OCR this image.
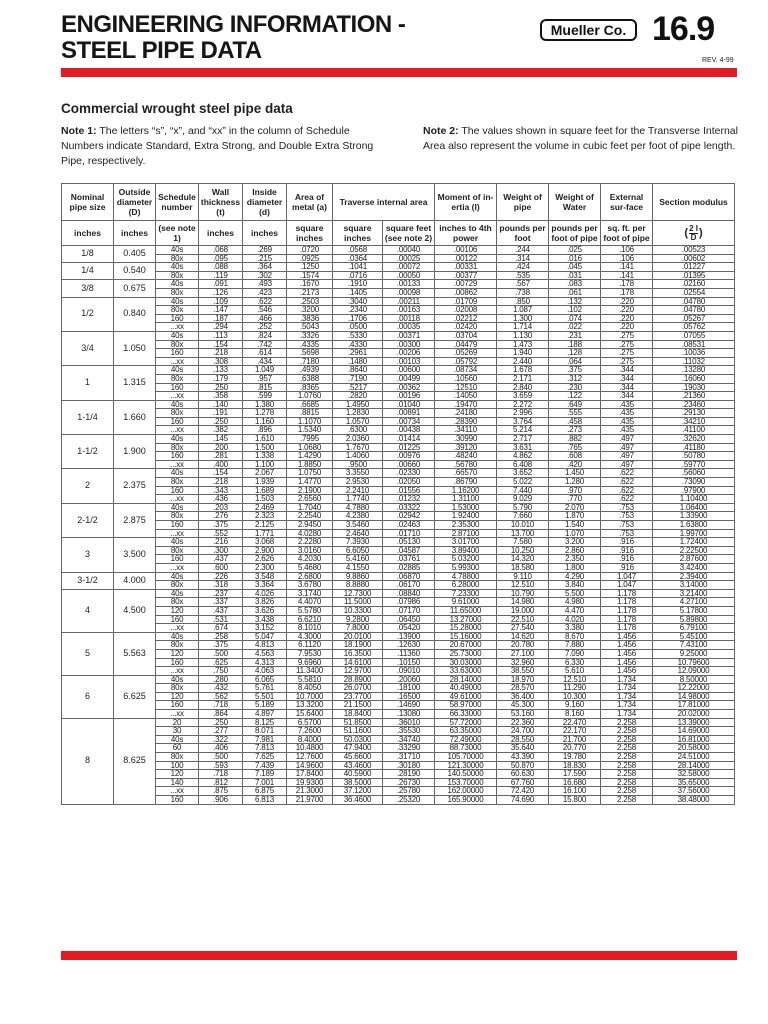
ENGINEERING INFORMATION -
STEEL PIPE DATA
Mueller Co. 16.9
REV. 4-99
Commercial wrought steel pipe data
Note 1: The letters “s”, “x”, and “xx” in the column of Schedule Numbers indicate Standard, Extra Strong, and Double Extra Strong Pipe, respectively.
Note 2: The values shown in square feet for the Transverse Internal Area also represent the volume in cubic feet per foot of pipe length.
Nominal pipe size	Outside diameter (D)	Schedule number	Wall thickness (t)	Inside diameter (d)	Area of metal (a)	Traverse internal area		Moment of in-ertia (I)	Weight of pipe	Weight of Water	External sur-face	Section modulus
inches	inches	(see note 1)	inches	inches	square inches	square inches	square feet (see note 2)	inches to 4th power	pounds per foot	pounds per foot of pipe	sq. ft. per foot of pipe	( $\frac{2 I}{D}$ )
1/8	0.405	40s	.068	.269	.0720	.0568	.00040	.00106	.244	.025	.106	.00523
		80x	.095	.215	.0925	.0364	.00025	.00122	.314	.016	.106	.00602
1/4	0.540	40s	.088	.364	.1250	.1041	.00072	.00331	.424	.045	.141	.01227
		80x	.119	.302	.1574	.0716	.00050	.00377	.535	.031	.141	.01395
3/8	0.675	40s	.091	.493	.1670	.1910	.00133	.00729	.567	.083	.178	.02160
		80x	.126	.423	.2173	.1405	.00098	.00862	.738	.061	.178	.02554
1/2	0.840	40s	.109	.622	.2503	.3040	.00211	.01709	.850	.132	.220	.04780
		80x	.147	.546	.3200	.2340	.00163	.02008	1.087	.102	.220	.04780
		160	.187	.466	.3836	.1706	.00118	.02212	1.300	.074	.220	.05267
		...xx	.294	.252	.5043	.0500	.00035	.02420	1.714	.022	.220	.05762
3/4	1.050	40s	.113	.824	.3326	.5330	.00371	.03704	1.130	.231	.275	.07055
		80x	.154	.742	.4335	.4330	.00300	.04479	1.473	.188	.275	.08531
		160	.218	.614	.5698	.2961	.00206	.05269	1.940	.128	.275	.10036
		...xx	.308	.434	.7180	.1480	.00103	.05792	2.440	.064	.275	.11032
1	1.315	40s	.133	1.049	.4939	.8640	.00600	.08734	1.678	.375	.344	.13280
		80x	.179	.957	.6388	.7190	.00499	.10560	2.171	.312	.344	.16060
		160	.250	.815	.8365	.5217	.00362	.12510	2.840	.230	.344	.19030
		...xx	.358	.599	1.0760	.2820	.00196	.14050	3.659	.122	.344	.21360
1-1/4	1.660	40s	.140	1.380	.6685	1.4950	.01040	.19470	2.272	.649	.435	.23460
		80x	.191	1.278	.8815	1.2830	.00891	.24180	2.996	.555	.435	.29130
		160	.250	1.160	1.1070	1.0570	.00734	.28390	3.764	.458	.435	.34210
		...xx	.382	.896	1.5340	.6300	.00438	.34110	5.214	.273	.435	.41100
1-1/2	1.900	40s	.145	1.610	.7995	2.0360	.01414	.30990	2.717	.882	.497	.32620
		80x	.200	1.500	1.0680	1.7670	.01225	.39120	3.631	.765	.497	.41180
		160	.281	1.338	1.4290	1.4060	.00976	.48240	4.862	.608	.497	.50780
		...xx	.400	1.100	1.8850	.9500	.00660	.56780	6.408	.420	.497	.59770
2	2.375	40s	.154	2.067	1.0750	3.3550	.02330	.66570	3.652	1.450	.622	.56060
		80x	.218	1.939	1.4770	2.9530	.02050	.86790	5.022	1.280	.622	.73090
		160	.343	1.689	2.1900	2.2410	.01556	1.16200	7.440	.970	.622	.97900
		...xx	.436	1.503	2.6560	1.7740	.01232	1.31100	9.029	.770	.622	1.10400
2-1/2	2.875	40s	.203	2.469	1.7040	4.7880	.03322	1.53000	5.790	2.070	.753	1.06400
		80x	.276	2.323	2.2540	4.2380	.02942	1.92400	7.660	1.870	.753	1.33900
		160	.375	2.125	2.9450	3.5460	.02463	2.35300	10.010	1.540	.753	1.63800
		...xx	.552	1.771	4.0280	2.4640	.01710	2.87100	13.700	1.070	.753	1.99700
3	3.500	40s	.216	3.068	2.2280	7.3930	.05130	3.01700	7.580	3.200	.916	1.72400
		80x	.300	2.900	3.0160	6.6050	.04587	3.89400	10.250	2.860	.916	2.22500
		160	.437	2.626	4.2030	5.4160	.03761	5.03200	14.320	2.350	.916	2.87600
		...xx	.600	2.300	5.4680	4.1550	.02885	5.99300	18.580	1.800	.916	3.42400
3-1/2	4.000	40s	.226	3.548	2.6800	9.8860	.06870	4.78800	9.110	4.290	1.047	2.39400
		80x	.318	3.364	3.6780	8.8880	.06170	6.28000	12.510	3.840	1.047	3.14000
4	4.500	40s	.237	4.026	3.1740	12.7300	.08840	7.23300	10.790	5.500	1.178	3.21400
		80x	.337	3.826	4.4070	11.5000	.07986	9.61000	14.980	4.980	1.178	4.27100
		120	.437	3.626	5.5780	10.3300	.07170	11.65000	19.000	4.470	1.178	5.17800
		160	.531	3.438	6.6210	9.2800	.06450	13.27000	22.510	4.020	1.178	5.89800
		...xx	.674	3.152	8.1010	7.8000	.05420	15.28000	27.540	3.380	1.178	6.79100
5	5.563	40s	.258	5.047	4.3000	20.0100	.13900	15.16000	14.620	8.670	1.456	5.45100
		80x	.375	4.813	6.1120	18.1900	.12630	20.67000	20.780	7.880	1.456	7.43100
		120	.500	4.563	7.9530	16.3500	.11360	25.73000	27.100	7.090	1.456	9.25000
		160	.625	4.313	9.6960	14.6100	.10150	30.03000	32.960	6.330	1.456	10.79600
		...xx	.750	4.063	11.3400	12.9700	.09010	33.63000	38.550	5.610	1.456	12.09000
6	6.625	40s	.280	6.065	5.5810	28.8900	.20060	28.14000	18.970	12.510	1.734	8.50000
		80x	.432	5.761	8.4050	26.0700	.18100	40.49000	28.570	11.290	1.734	12.22000
		120	.562	5.501	10.7000	23.7700	.16500	49.61000	36.400	10.300	1.734	14.98000
		160	.718	5.189	13.3200	21.1500	.14690	58.97000	45.300	9.160	1.734	17.81000
		...xx	.864	4.897	15.6400	18.8400	.13080	66.33000	53.160	8.160	1.734	20.02000
8	8.625	20	.250	8.125	6.5700	51.8500	.36010	57.72000	22.360	22.470	2.258	13.39000
		30	.277	8.071	7.2600	51.1600	.35530	63.35000	24.700	22.170	2.258	14.69000
		40s	.322	7.981	8.4000	50.0300	.34740	72.49000	28.550	21.700	2.258	16.81000
		60	.406	7.813	10.4800	47.9400	.33290	88.73000	35.640	20.770	2.258	20.58000
		80x	.500	7.625	12.7600	45.6600	.31710	105.70000	43.390	19.780	2.258	24.51000
		100	.593	7.439	14.9600	43.4600	.30180	121.30000	50.870	18.830	2.258	28.14000
		120	.718	7.189	17.8400	40.5900	.28190	140.50000	60.630	17.590	2.258	32.58000
		140	.812	7.001	19.9300	38.5000	.26730	153.70000	67.760	16.680	2.258	35.65000
		...xx	.875	6.875	21.3000	37.1200	.25780	162.00000	72.420	16.100	2.258	37.56000
		160	.906	6.813	21.9700	36.4600	.25320	165.90000	74.690	15.800	2.258	38.48000
